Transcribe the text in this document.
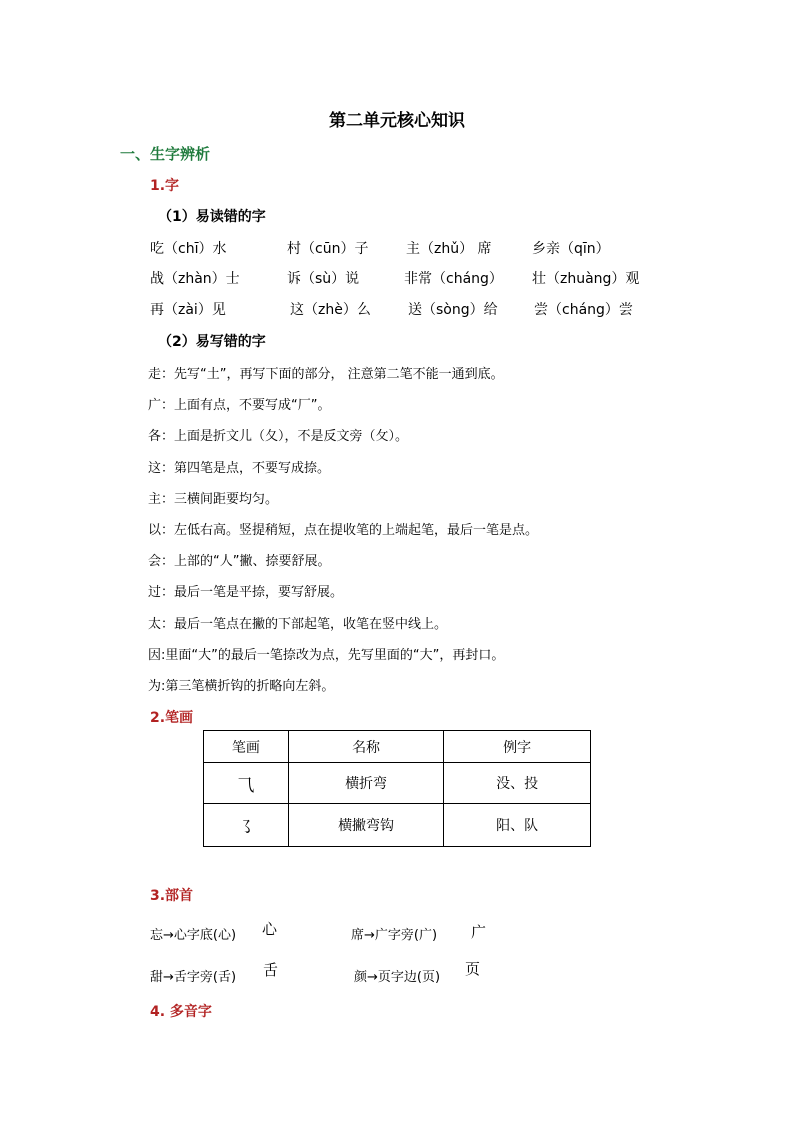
第二单元核心知识
一、生字辨析
1.字
（1）易读错的字
吃（chī）水	村（cūn）子	主（zhǔ） 席	乡亲（qīn）
战（zhàn）士	诉（sù）说	非常（cháng） 壮（zhuàng）观
再（zài）见	这（zhè）么	送（sòng）给	尝（cháng）尝
（2）易写错的字
走：先写“土”，再写下面的部分， 注意第二笔不能一通到底。
广：上面有点，不要写成“厂”。
各：上面是折文儿（夂），不是反文旁（攵）。
这：第四笔是点，不要写成捺。
主：三横间距要均匀。
以：左低右高。竖提稍短，点在提收笔的上端起笔，最后一笔是点。
会：上部的“人”撇、捺要舒展。
过：最后一笔是平捺，要写舒展。
太：最后一笔点在撇的下部起笔，收笔在竖中线上。
因:里面“大”的最后一笔捺改为点，先写里面的“大”，再封口。
为:第三笔横折钩的折略向左斜。
2.笔画
笔画	名称	例字
⺄	横折弯	没、投
㇌	横撇弯钩	阳、队
3.部首
忘→心字底(心) 心	席→广字旁(广) 广
甜→舌字旁(舌) 舌	颜→页字边(页) 页
4. 多音字
